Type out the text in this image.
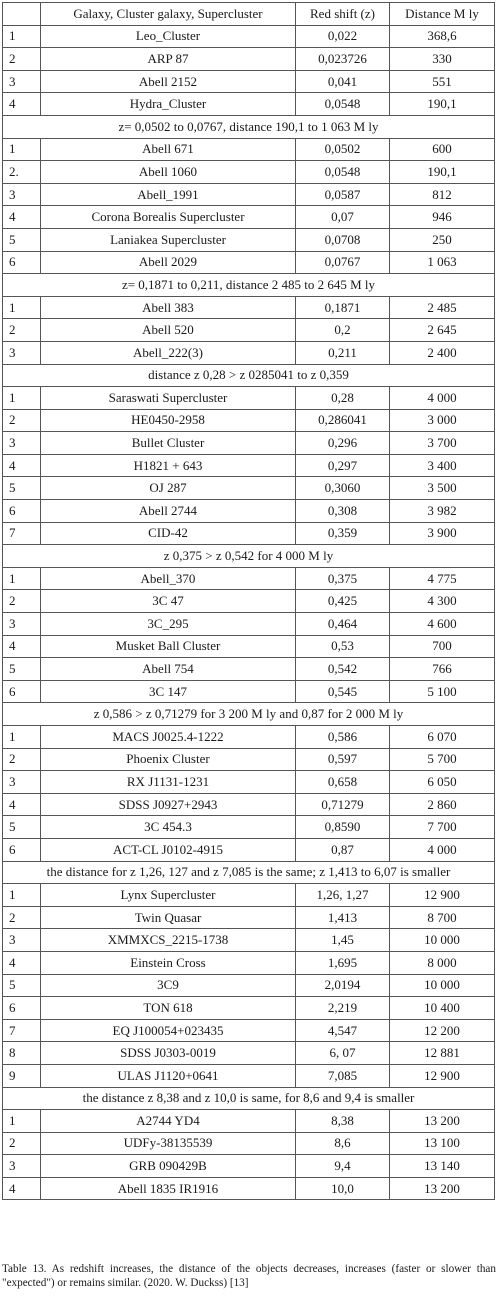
	Galaxy, Cluster galaxy, Supercluster	Red shift (z)	Distance M ly
1	Leo_Cluster	0,022	368,6
2	ARP 87	0,023726	330
3	Abell 2152	0,041	551
4	Hydra_Cluster	0,0548	190,1
z= 0,0502 to 0,0767, distance 190,1 to 1 063 M ly			
1	Abell 671	0,0502	600
2.	Abell 1060	0,0548	190,1
3	Abell_1991	0,0587	812
4	Corona Borealis Supercluster	0,07	946
5	Laniakea Supercluster	0,0708	250
6	Abell 2029	0,0767	1 063
z= 0,1871 to 0,211, distance 2 485 to 2 645 M ly			
1	Abell 383	0,1871	2 485
2	Abell 520	0,2	2 645
3	Abell_222(3)	0,211	2 400
distance z 0,28 > z 0285041 to z 0,359			
1	Saraswati Supercluster	0,28	4 000
2	HE0450-2958	0,286041	3 000
3	Bullet Cluster	0,296	3 700
4	H1821 + 643	0,297	3 400
5	OJ 287	0,3060	3 500
6	Abell 2744	0,308	3 982
7	CID-42	0,359	3 900
z 0,375 > z 0,542 for 4 000 M ly			
1	Abell_370	0,375	4 775
2	3C 47	0,425	4 300
3	3C_295	0,464	4 600
4	Musket Ball Cluster	0,53	700
5	Abell 754	0,542	766
6	3C 147	0,545	5 100
z 0,586 > z 0,71279 for 3 200 M ly and 0,87 for 2 000 M ly			
1	MACS J0025.4-1222	0,586	6 070
2	Phoenix Cluster	0,597	5 700
3	RX J1131-1231	0,658	6 050
4	SDSS J0927+2943	0,71279	2 860
5	3C 454.3	0,8590	7 700
6	ACT-CL J0102-4915	0,87	4 000
the distance for z 1,26, 127 and z 7,085 is the same; z 1,413 to 6,07 is smaller			
1	Lynx Supercluster	1,26, 1,27	12 900
2	Twin Quasar	1,413	8 700
3	XMMXCS_2215-1738	1,45	10 000
4	Einstein Cross	1,695	8 000
5	3C9	2,0194	10 000
6	TON 618	2,219	10 400
7	EQ J100054+023435	4,547	12 200
8	SDSS J0303-0019	6, 07	12 881
9	ULAS J1120+0641	7,085	12 900
the distance z 8,38 and z 10,0 is same, for 8,6 and 9,4 is smaller			
1	A2744 YD4	8,38	13 200
2	UDFy-38135539	8,6	13 100
3	GRB 090429B	9,4	13 140
4	Abell 1835 IR1916	10,0	13 200
Table 13. As redshift increases, the distance of the objects decreases, increases (faster or slower than "expected") or remains similar. (2020. W. Duckss) [13]
